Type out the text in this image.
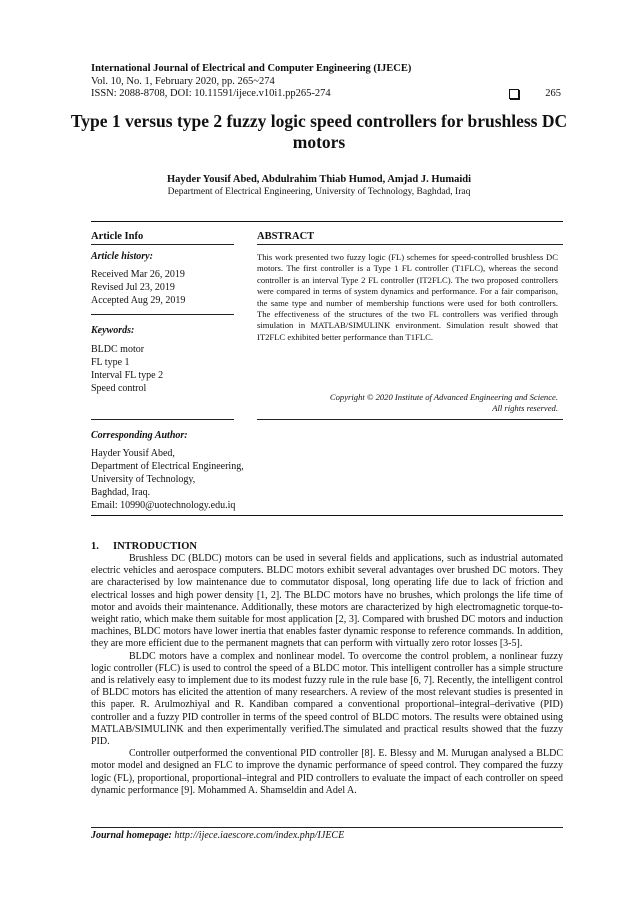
International Journal of Electrical and Computer Engineering (IJECE)
Vol. 10, No. 1, February 2020, pp. 265~274
ISSN: 2088-8708, DOI: 10.11591/ijece.v10i1.pp265-274	265
Type 1 versus type 2 fuzzy logic speed controllers for brushless DC motors
Hayder Yousif Abed, Abdulrahim Thiab Humod, Amjad J. Humaidi
Department of Electrical Engineering, University of Technology, Baghdad, Iraq
Article Info	ABSTRACT
Article history:
Received Mar 26, 2019
Revised Jul 23, 2019
Accepted Aug 29, 2019
Keywords:
BLDC motor
FL type 1
Interval FL type 2
Speed control
This work presented two fuzzy logic (FL) schemes for speed-controlled brushless DC motors. The first controller is a Type 1 FL controller (T1FLC), whereas the second controller is an interval Type 2 FL controller (IT2FLC). The two proposed controllers were compared in terms of system dynamics and performance. For a fair comparison, the same type and number of membership functions were used for both controllers. The effectiveness of the structures of the two FL controllers was verified through simulation in MATLAB/SIMULINK environment. Simulation result showed that IT2FLC exhibited better performance than T1FLC.
Copyright © 2020 Institute of Advanced Engineering and Science.
All rights reserved.
Corresponding Author:
Hayder Yousif Abed,
Department of Electrical Engineering,
University of Technology,
Baghdad, Iraq.
Email: 10990@uotechnology.edu.iq
1. INTRODUCTION

Brushless DC (BLDC) motors can be used in several fields and applications, such as industrial automated electric vehicles and aerospace computers. BLDC motors exhibit several advantages over brushed DC motors. They are characterised by low maintenance due to commutator disposal, long operating life due to lack of friction and electrical losses and high power density [1, 2]. The BLDC motors have no brushes, which prolongs the life time of motor and avoids their maintenance. Additionally, these motors are characterized by high electromagnetic torque-to-weight ratio, which make them suitable for most application [2, 3]. Compared with brushed DC motors and induction machines, BLDC motors have lower inertia that enables faster dynamic response to reference commands. In addition, they are more efficient due to the permanent magnets that can perform with virtually zero rotor losses [3-5].

BLDC motors have a complex and nonlinear model. To overcome the control problem, a nonlinear fuzzy logic controller (FLC) is used to control the speed of a BLDC motor. This intelligent controller has a simple structure and is relatively easy to implement due to its modest fuzzy rule in the rule base [6, 7]. Recently, the intelligent control of BLDC motors has elicited the attention of many researchers. A review of the most relevant studies is presented in this paper. R. Arulmozhiyal and R. Kandiban compared a conventional proportional–integral–derivative (PID) controller and a fuzzy PID controller in terms of the speed control of BLDC motors. The results were obtained using MATLAB/SIMULINK and then experimentally verified.The simulated and practical results showed that the fuzzy PID.

Controller outperformed the conventional PID controller [8]. E. Blessy and M. Murugan analysed a BLDC motor model and designed an FLC to improve the dynamic performance of speed control. They compared the fuzzy logic (FL), proportional, proportional–integral and PID controllers to evaluate the impact of each controller on speed dynamic performance [9]. Mohammed A. Shamseldin and Adel A.

Journal homepage: http://ijece.iaescore.com/index.php/IJECE
